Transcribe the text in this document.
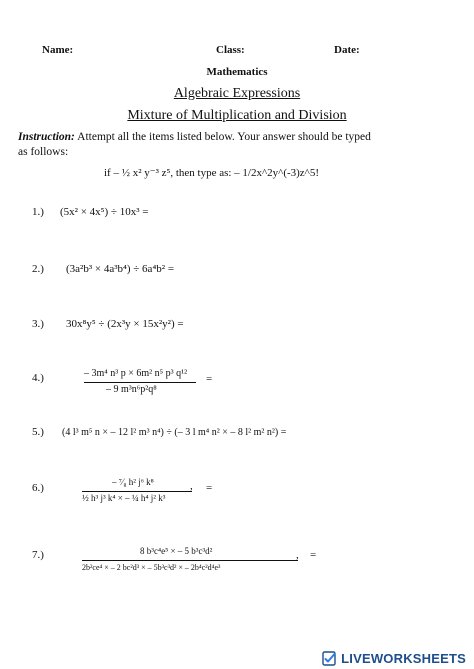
Name:	Class:	Date:
Mathematics
Algebraic Expressions
Mixture of Multiplication and Division
Instruction: Attempt all the items listed below. Your answer should be typed
as follows:
if – ½ x² y⁻³ z⁵, then type as: – 1/2x^2y^(-3)z^5!
1.) (5x² × 4x⁵) ÷ 10x³ =
2.) (3a²b³ × 4a³b⁴) ÷ 6a⁴b² =
3.) 30x⁸y⁵ ÷ (2x³y × 15x²y²) =
4.)	– 3m⁴ n³ p × 6m² n⁵ p³ q¹²
– 9 m³n⁶p²q⁸
=
5.) (4 l³ m⁵ n × – 12 l² m³ n⁴) ÷ (– 3 l m⁴ n² × – 8 l² m² n²) =
6.)	– ⁷⁄₈ h² j⁶ k⁸	,
½ h³ j³ k⁴ × – ¼ h⁴ j² k³
=
7.)	8 b³c⁴e⁵ × – 5 b³c³d²	,
2b²ce⁴ × – 2 bc²d³ × – 5b³c³d² × – 2b⁴c²d⁴e³
=
LIVEWORKSHEETS
